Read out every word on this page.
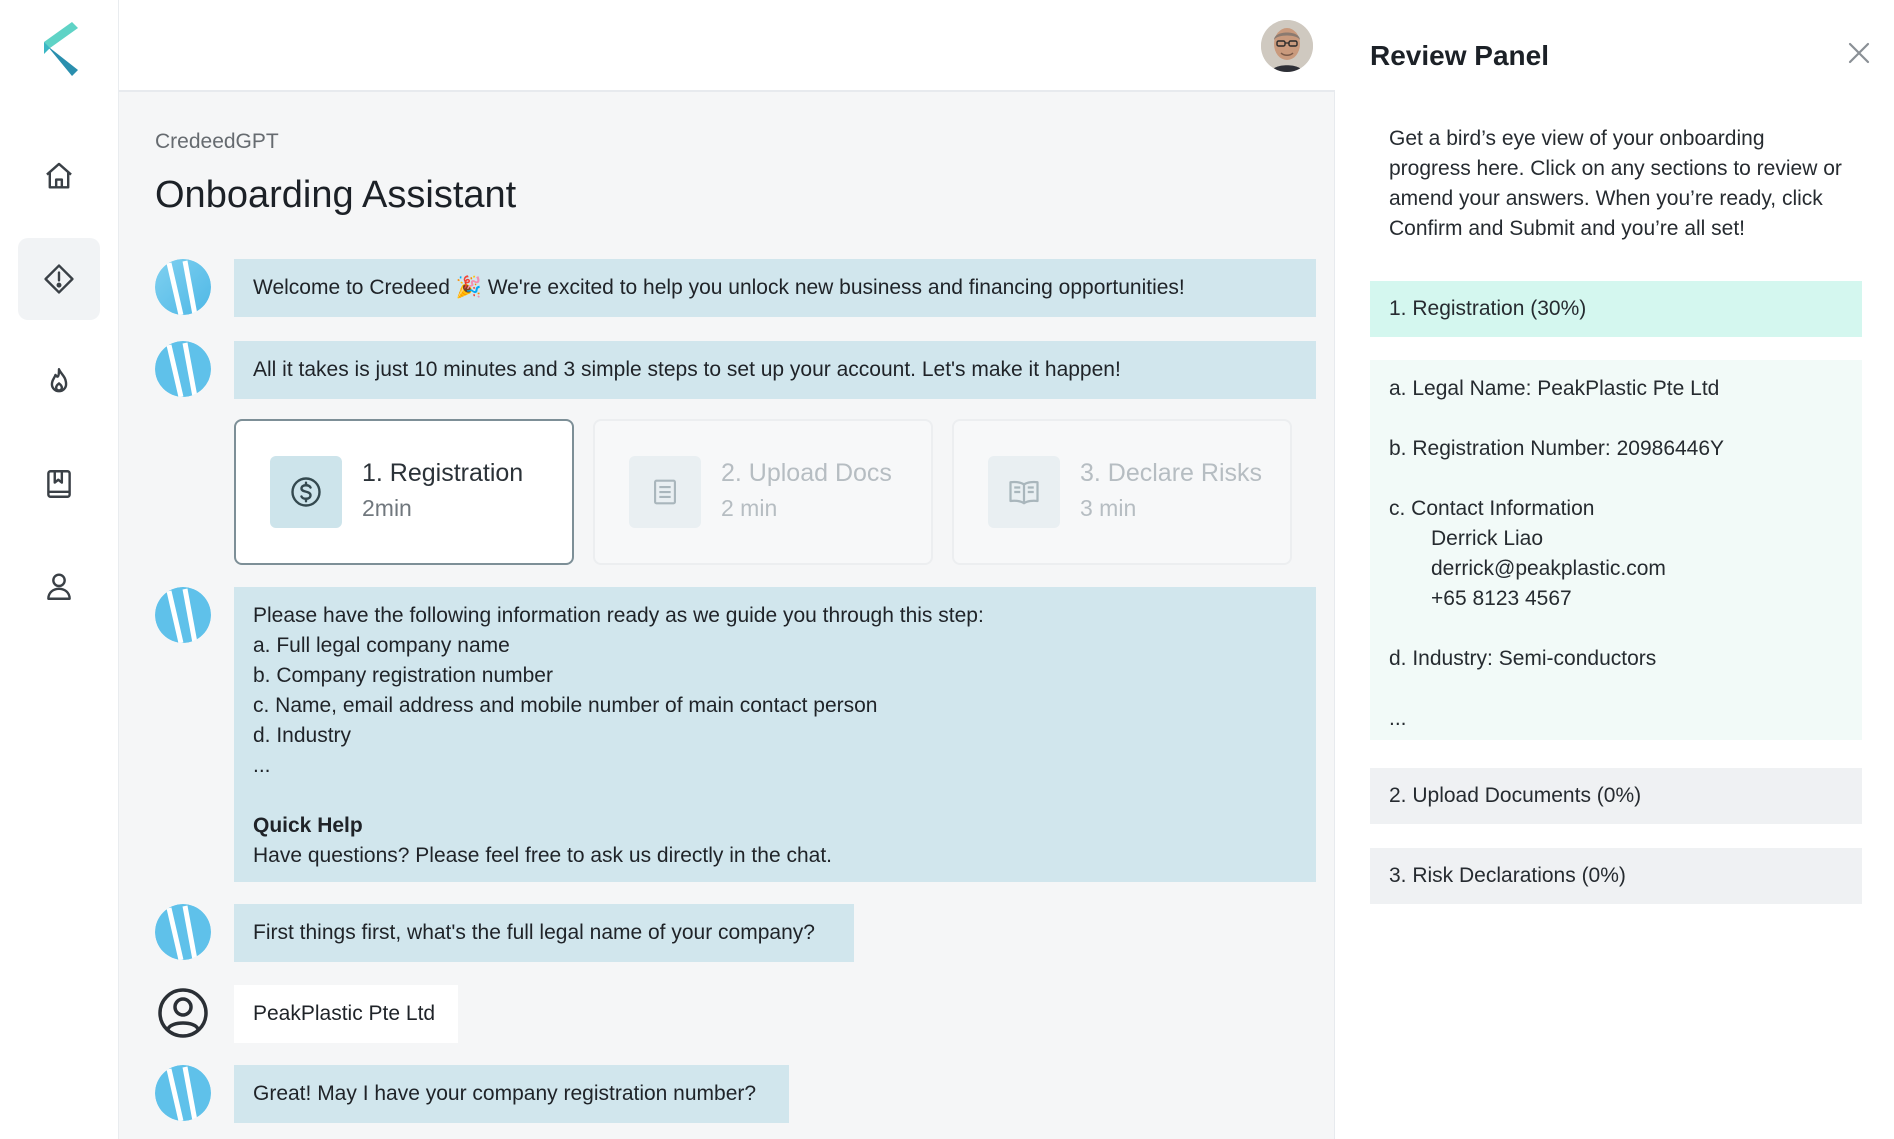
CredeedGPT
Onboarding Assistant
Welcome to Credeed 🎉 We're excited to help you unlock new business and financing opportunities!
All it takes is just 10 minutes and 3 simple steps to set up your account. Let's make it happen!
1. Registration
2min
2. Upload Docs
2 min
3. Declare Risks
3 min
Please have the following information ready as we guide you through this step:
a. Full legal company name
b. Company registration number
c. Name, email address and mobile number of main contact person
d. Industry
...
Quick Help
Have questions? Please feel free to ask us directly in the chat.
First things first, what's the full legal name of your company?
PeakPlastic Pte Ltd
Great! May I have your company registration number?
Review Panel

Get a bird’s eye view of your onboarding progress here. Click on any sections to review or amend your answers. When you’re ready, click Confirm and Submit and you’re all set!

1. Registration (30%)
a. Legal Name: PeakPlastic Pte Ltd
b. Registration Number: 20986446Y
c. Contact Information
Derrick Liao
derrick@peakplastic.com
+65 8123 4567
d. Industry: Semi-conductors
...
2. Upload Documents (0%)
3. Risk Declarations (0%)
